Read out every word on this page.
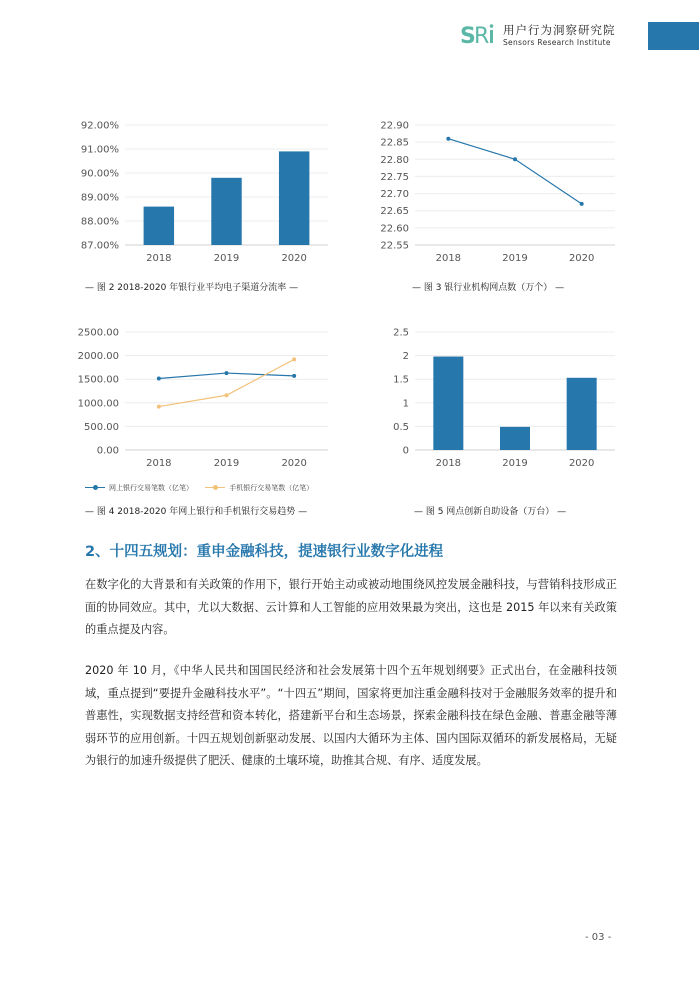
S R 用户行为洞察研究院
Sensors Research Institute
92.00%
91.00%
90.00%
89.00%
88.00%
87.00%
2018	2019	2020
22.90
22.85
22.80
22.75
22.70
22.65
22.60
22.55
2018	2019	2020
2500.00
2000.00
1500.00
1000.00
500.00
0.00
2018	2019	2020
2.5
2
1.5
1
0.5
0
2018	2019	2020
— 图 2 2018-2020 年银行业平均电子渠道分流率 —	— 图 3 银行业机构网点数（万个） —
— 图 4 2018-2020 年网上银行和手机银行交易趋势 —	— 图 5 网点创新自助设备（万台） —
网上银行交易笔数（亿笔）
	手机银行交易笔数（亿笔）
2、十四五规划：重申金融科技，提速银行业数字化进程
在数字化的大背景和有关政策的作用下，银行开始主动或被动地围绕风控发展金融科技，与营销科技形成正面的协同效应。其中，尤以大数据、云计算和人工智能的应用效果最为突出，这也是 2015 年以来有关政策的重点提及内容。
2020 年 10 月，《中华人民共和国国民经济和社会发展第十四个五年规划纲要》正式出台，在金融科技领域，重点提到“要提升金融科技水平”。“十四五”期间，国家将更加注重金融科技对于金融服务效率的提升和普惠性，实现数据支持经营和资本转化，搭建新平台和生态场景，探索金融科技在绿色金融、普惠金融等薄弱环节的应用创新。十四五规划创新驱动发展、以国内大循环为主体、国内国际双循环的新发展格局，无疑为银行的加速升级提供了肥沃、健康的土壤环境，助推其合规、有序、适度发展。
- 03 -
